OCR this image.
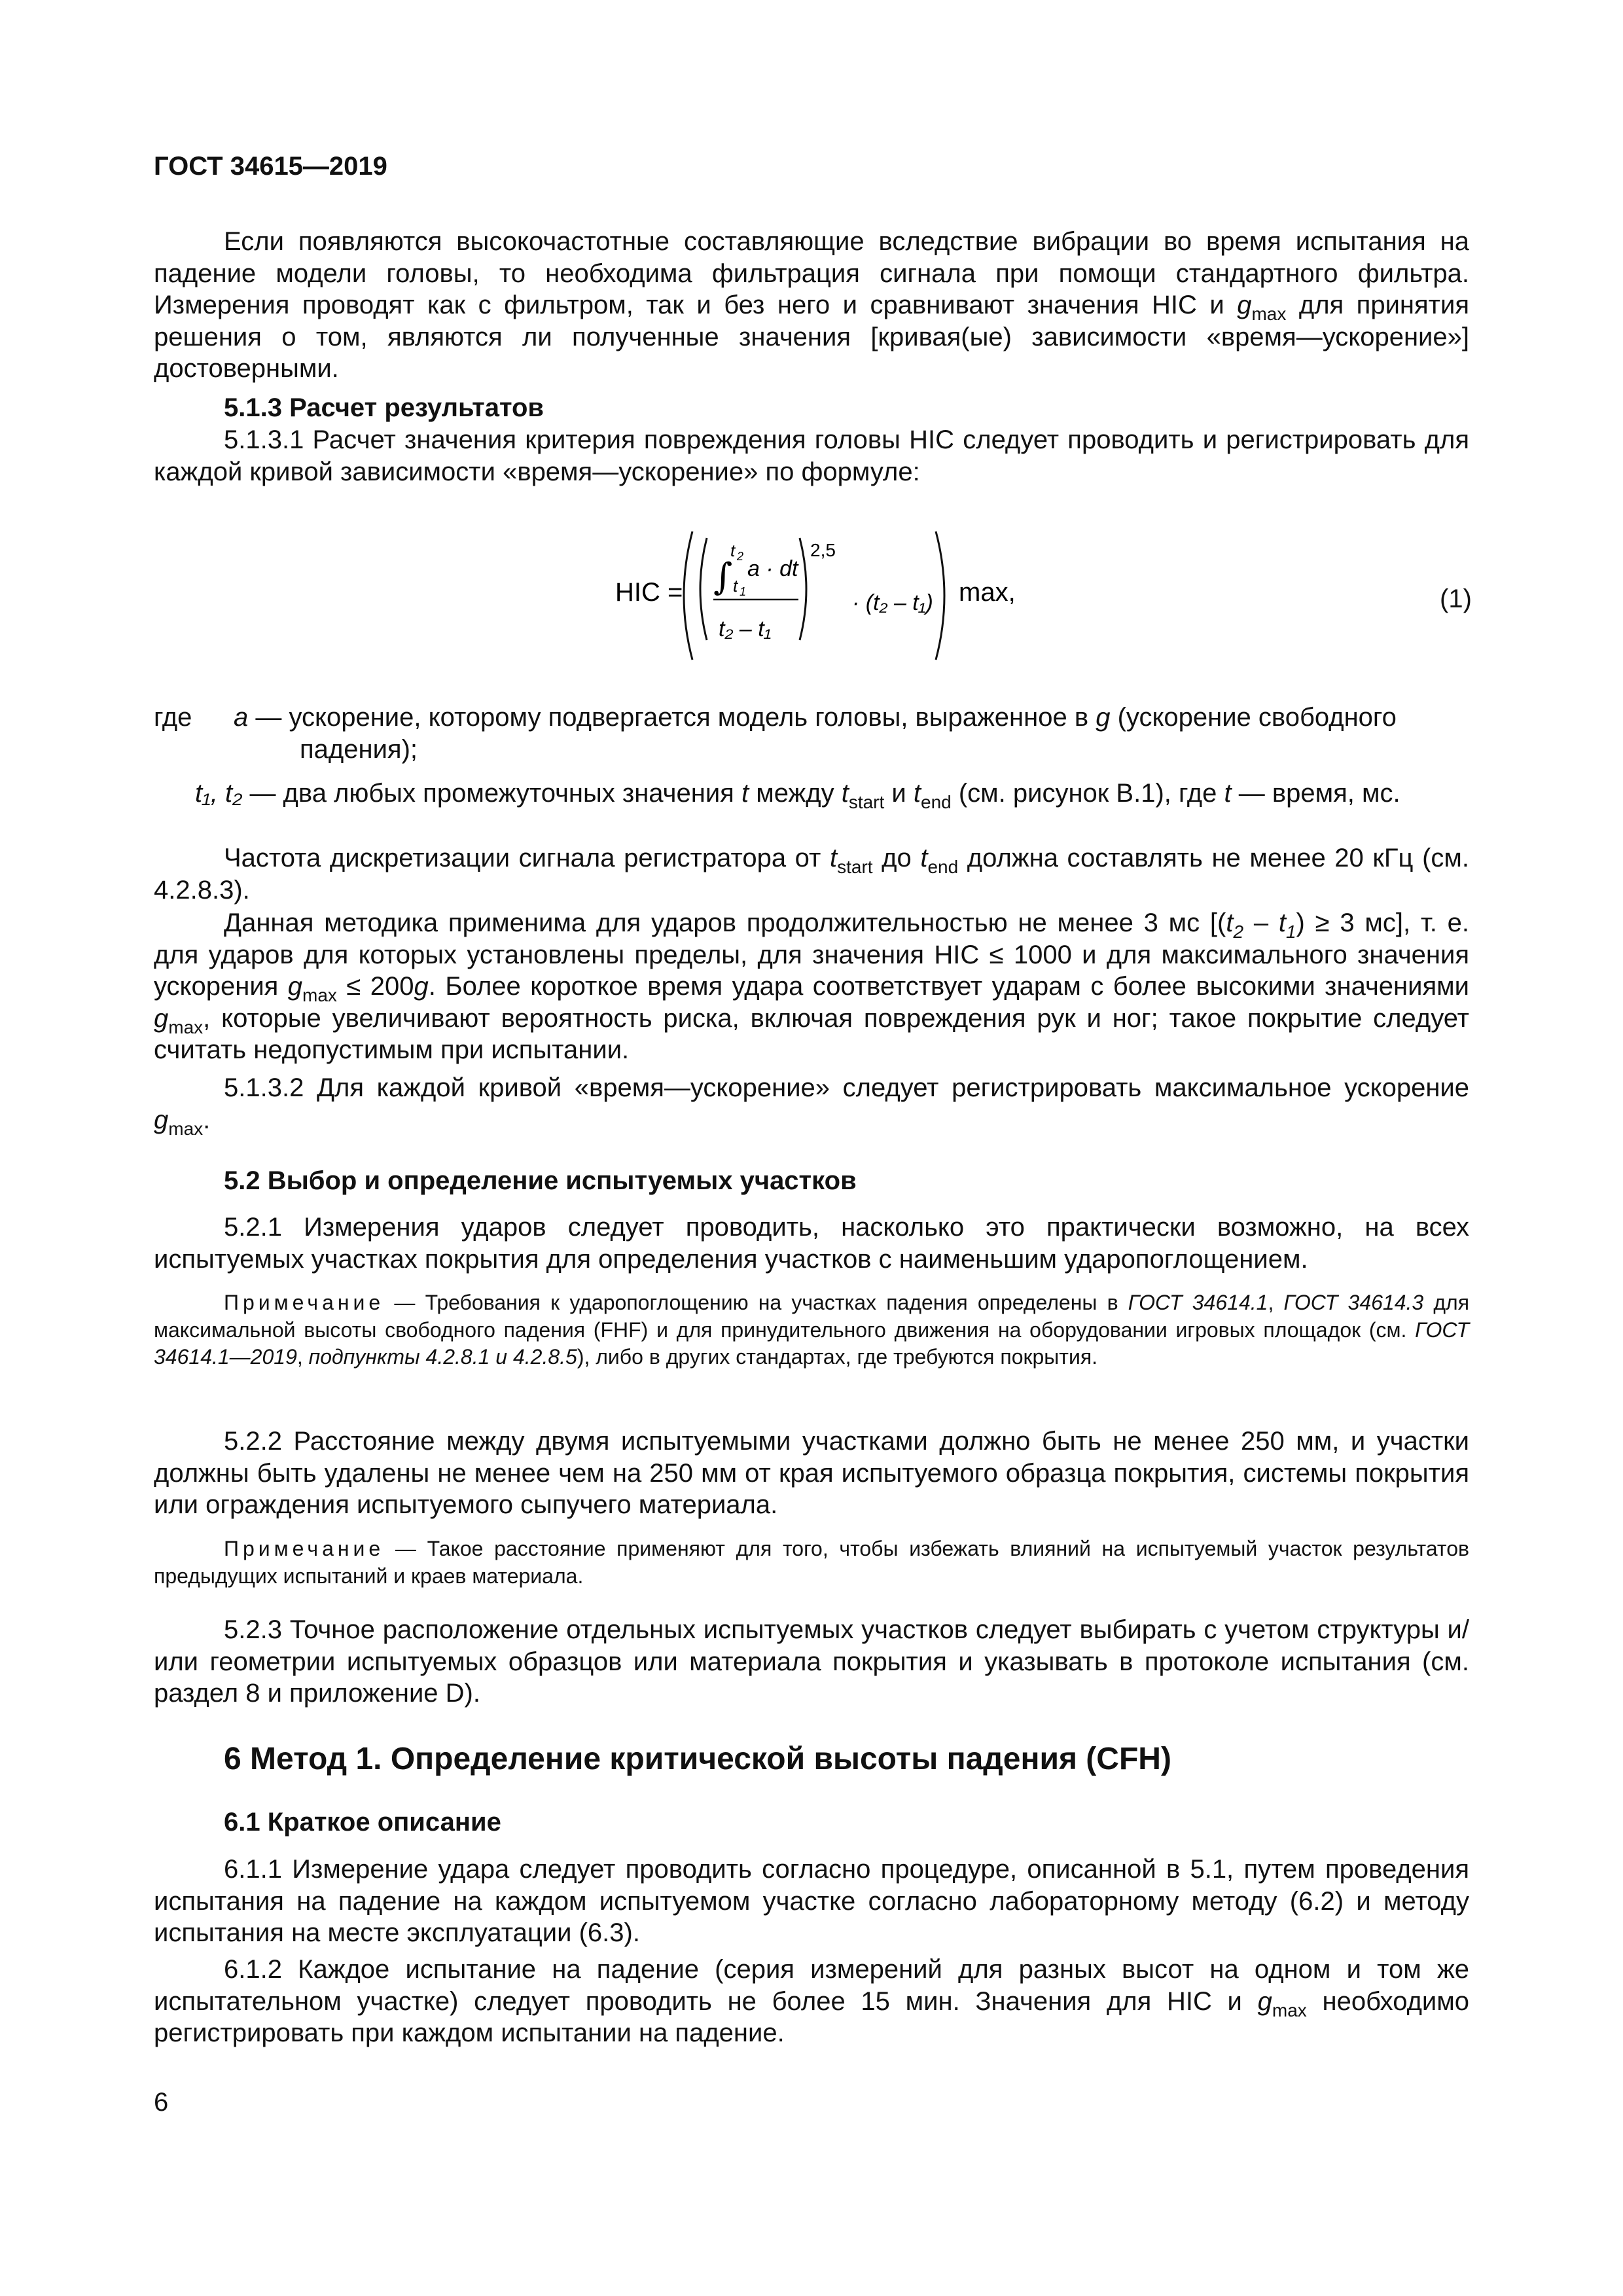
ГОСТ 34615—2019
Если появляются высокочастотные составляющие вследствие вибрации во время испытания на падение модели головы, то необходима фильтрация сигнала при помощи стандартного фильтра. Измерения проводят как с фильтром, так и без него и сравнивают значения HIC и $g_{max}$ для принятия решения о том, являются ли полученные значения [кривая(ые) зависимости «время—ускорение»] достоверными.
5.1.3 Расчет результатов
5.1.3.1 Расчет значения критерия повреждения головы HIC следует проводить и регистрировать для каждой кривой зависимости «время—ускорение» по формуле:
HIC = ∫
t 2
t 1
a · dt
t₂ – t₁
2,5
· (t₂ – t₁) max,	(1)
где a — ускорение, которому подвергается модель головы, выраженное в g (ускорение свободного
падения);
t₁, t₂ — два любых промежуточных значения t между $t_{start}$ и $t_{end}$ (см. рисунок В.1), где t — время, мс.
Частота дискретизации сигнала регистратора от $t_{start}$ до $t_{end}$ должна составлять не менее 20 кГц (см. 4.2.8.3).
Данная методика применима для ударов продолжительностью не менее 3 мс [$(t_2 - t_1) \ge 3$ мс], т. е. для ударов для которых установлены пределы, для значения HIC ≤ 1000 и для максимального значения ускорения $g_{max} \le 200g$. Более короткое время удара соответствует ударам с более высокими значениями $g_{max}$, которые увеличивают вероятность риска, включая повреждения рук и ног; такое покрытие следует считать недопустимым при испытании.
5.1.3.2 Для каждой кривой «время—ускорение» следует регистрировать максимальное ускорение $g_{max}$.
5.2 Выбор и определение испытуемых участков
5.2.1 Измерения ударов следует проводить, насколько это практически возможно, на всех испытуемых участках покрытия для определения участков с наименьшим ударопоглощением.
Примечание — Требования к ударопоглощению на участках падения определены в ГОСТ 34614.1, ГОСТ 34614.3 для максимальной высоты свободного падения (FHF) и для принудительного движения на оборудовании игровых площадок (см. ГОСТ 34614.1—2019, подпункты 4.2.8.1 и 4.2.8.5), либо в других стандартах, где требуются покрытия.
5.2.2 Расстояние между двумя испытуемыми участками должно быть не менее 250 мм, и участки должны быть удалены не менее чем на 250 мм от края испытуемого образца покрытия, системы покрытия или ограждения испытуемого сыпучего материала.
Примечание — Такое расстояние применяют для того, чтобы избежать влияний на испытуемый участок результатов предыдущих испытаний и краев материала.
5.2.3 Точное расположение отдельных испытуемых участков следует выбирать с учетом структуры и/или геометрии испытуемых образцов или материала покрытия и указывать в протоколе испытания (см. раздел 8 и приложение D).
6 Метод 1. Определение критической высоты падения (CFH)
6.1 Краткое описание
6.1.1 Измерение удара следует проводить согласно процедуре, описанной в 5.1, путем проведения испытания на падение на каждом испытуемом участке согласно лабораторному методу (6.2) и методу испытания на месте эксплуатации (6.3).
6.1.2 Каждое испытание на падение (серия измерений для разных высот на одном и том же испытательном участке) следует проводить не более 15 мин. Значения для HIC и $g_{max}$ необходимо регистрировать при каждом испытании на падение.
6
